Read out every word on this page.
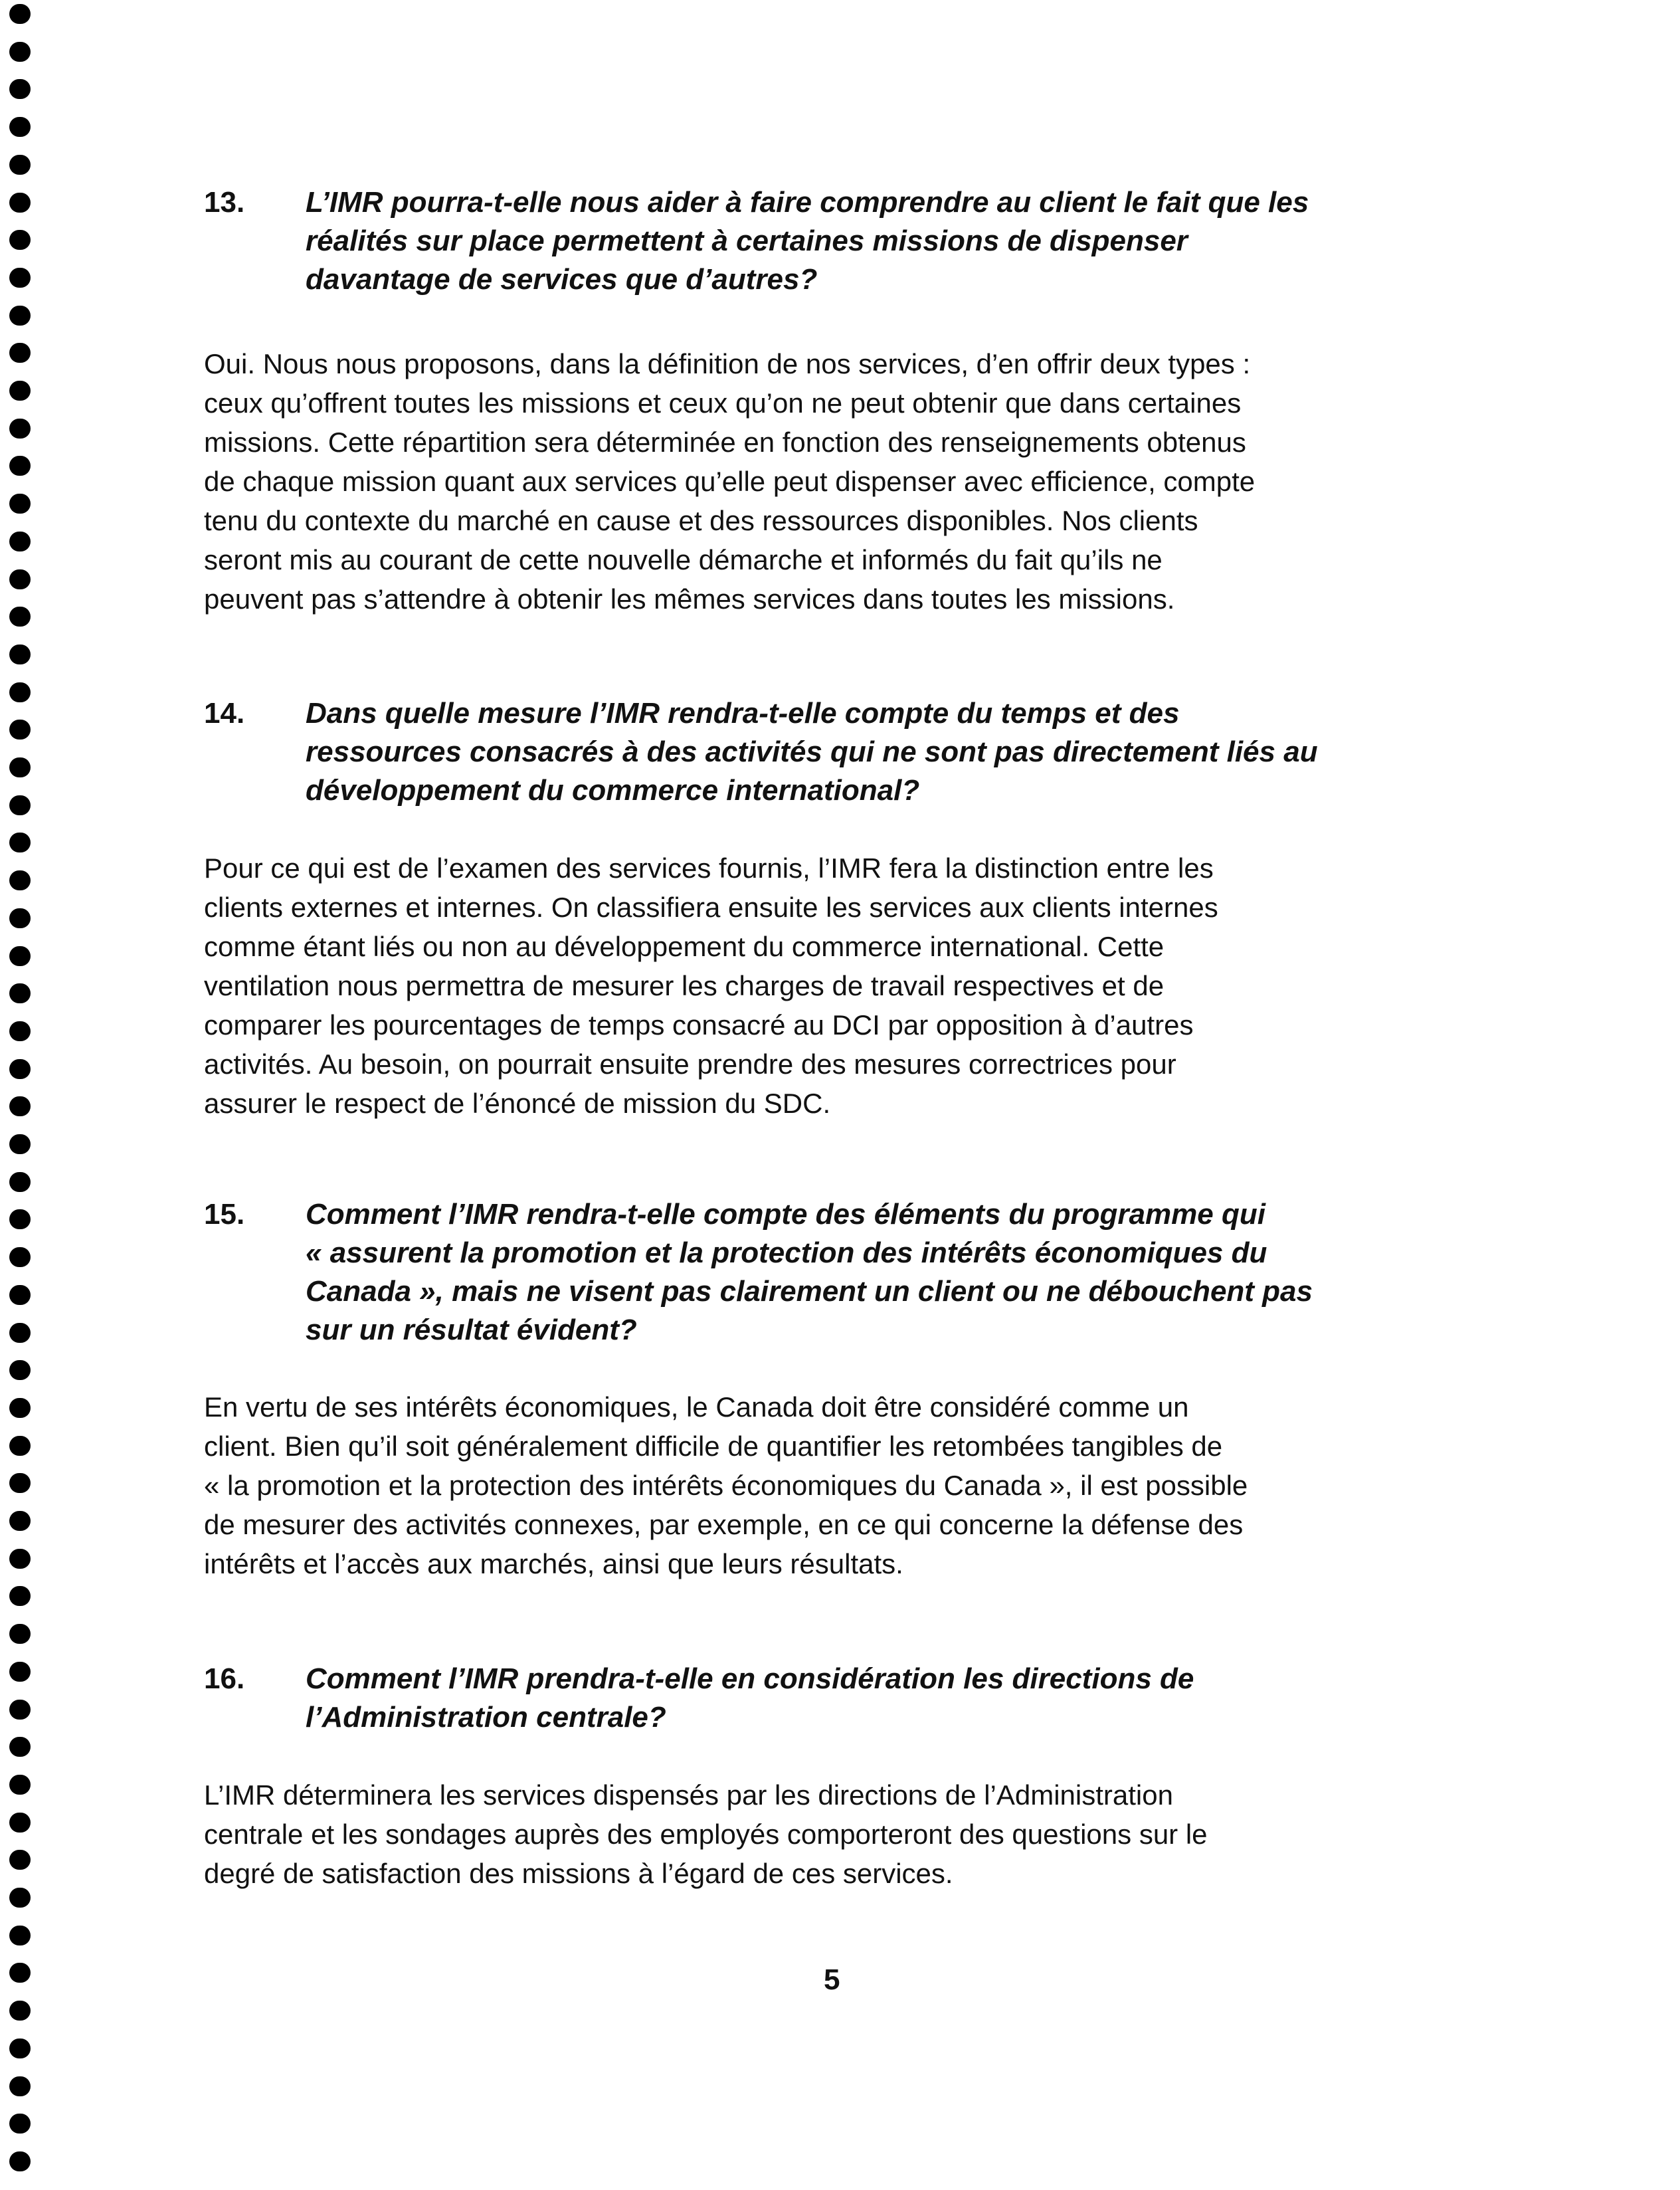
13. L’IMR pourra-t-elle nous aider à faire comprendre au client le fait que les
réalités sur place permettent à certaines missions de dispenser
davantage de services que d’autres?
Oui. Nous nous proposons, dans la définition de nos services, d’en offrir deux types :
ceux qu’offrent toutes les missions et ceux qu’on ne peut obtenir que dans certaines
missions. Cette répartition sera déterminée en fonction des renseignements obtenus
de chaque mission quant aux services qu’elle peut dispenser avec efficience, compte
tenu du contexte du marché en cause et des ressources disponibles. Nos clients
seront mis au courant de cette nouvelle démarche et informés du fait qu’ils ne
peuvent pas s’attendre à obtenir les mêmes services dans toutes les missions.
14. Dans quelle mesure l’IMR rendra-t-elle compte du temps et des
ressources consacrés à des activités qui ne sont pas directement liés au
développement du commerce international?
Pour ce qui est de l’examen des services fournis, l’IMR fera la distinction entre les
clients externes et internes. On classifiera ensuite les services aux clients internes
comme étant liés ou non au développement du commerce international. Cette
ventilation nous permettra de mesurer les charges de travail respectives et de
comparer les pourcentages de temps consacré au DCI par opposition à d’autres
activités. Au besoin, on pourrait ensuite prendre des mesures correctrices pour
assurer le respect de l’énoncé de mission du SDC.
15. Comment l’IMR rendra-t-elle compte des éléments du programme qui
« assurent la promotion et la protection des intérêts économiques du
Canada », mais ne visent pas clairement un client ou ne débouchent pas
sur un résultat évident?
En vertu de ses intérêts économiques, le Canada doit être considéré comme un
client. Bien qu’il soit généralement difficile de quantifier les retombées tangibles de
« la promotion et la protection des intérêts économiques du Canada », il est possible
de mesurer des activités connexes, par exemple, en ce qui concerne la défense des
intérêts et l’accès aux marchés, ainsi que leurs résultats.
16. Comment l’IMR prendra-t-elle en considération les directions de
l’Administration centrale?
L’IMR déterminera les services dispensés par les directions de l’Administration
centrale et les sondages auprès des employés comporteront des questions sur le
degré de satisfaction des missions à l’égard de ces services.
5
